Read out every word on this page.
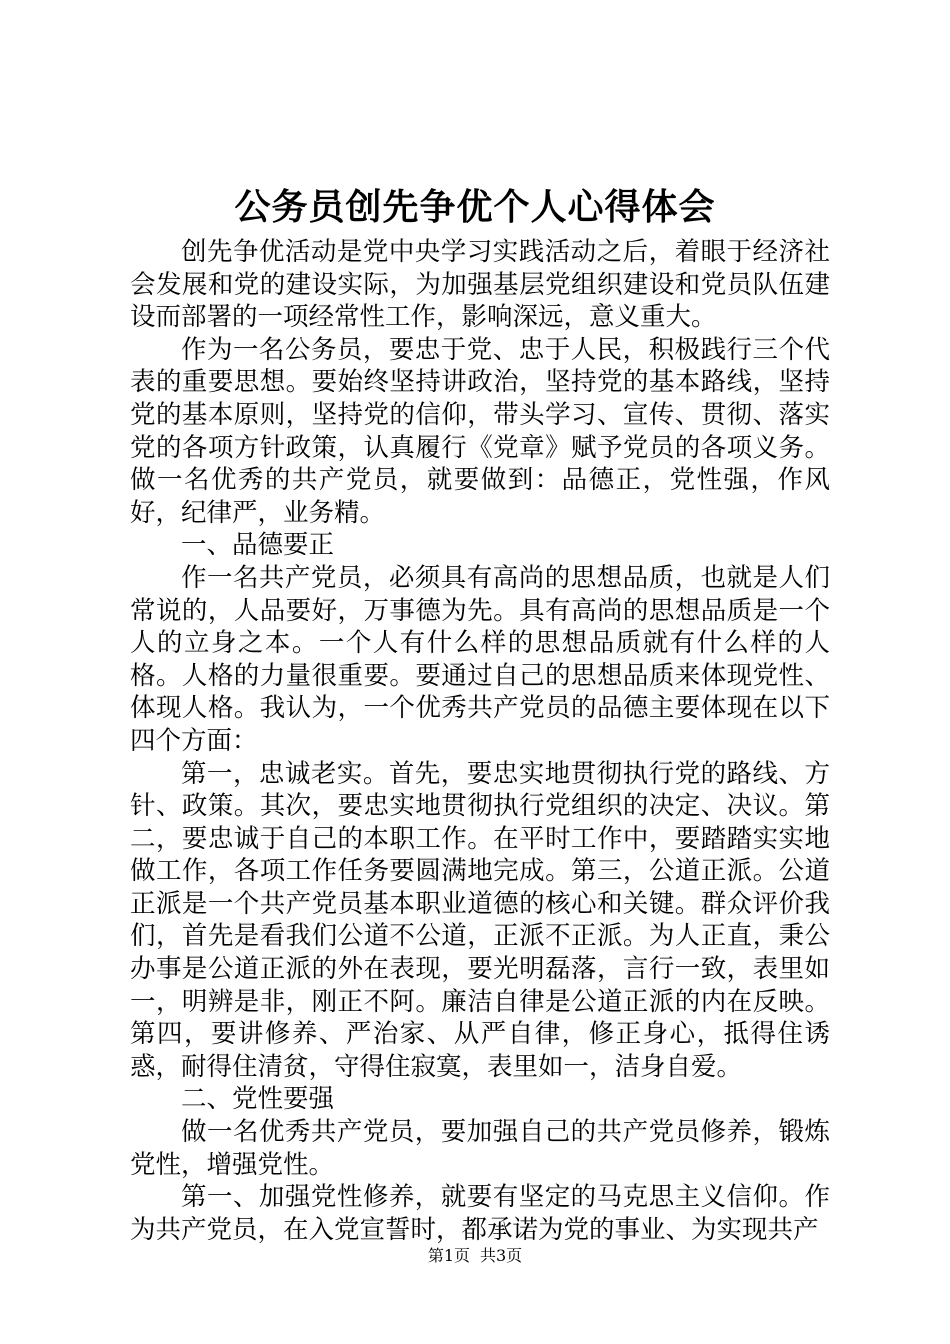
公务员创先争优个人心得体会

创先争优活动是党中央学习实践活动之后，着眼于经济社会发展和党的建设实际，为加强基层党组织建设和党员队伍建设而部署的一项经常性工作，影响深远，意义重大。

作为一名公务员，要忠于党、忠于人民，积极践行三个代表的重要思想。要始终坚持讲政治，坚持党的基本路线，坚持党的基本原则，坚持党的信仰，带头学习、宣传、贯彻、落实党的各项方针政策，认真履行《党章》赋予党员的各项义务。做一名优秀的共产党员，就要做到：品德正，党性强，作风好，纪律严，业务精。

一、品德要正

作一名共产党员，必须具有高尚的思想品质，也就是人们常说的，人品要好，万事德为先。具有高尚的思想品质是一个人的立身之本。一个人有什么样的思想品质就有什么样的人格。人格的力量很重要。要通过自己的思想品质来体现党性、体现人格。我认为，一个优秀共产党员的品德主要体现在以下四个方面：

第一，忠诚老实。首先，要忠实地贯彻执行党的路线、方针、政策。其次，要忠实地贯彻执行党组织的决定、决议。第二，要忠诚于自己的本职工作。在平时工作中，要踏踏实实地做工作，各项工作任务要圆满地完成。第三，公道正派。公道正派是一个共产党员基本职业道德的核心和关键。群众评价我们，首先是看我们公道不公道，正派不正派。为人正直，秉公办事是公道正派的外在表现，要光明磊落，言行一致，表里如一，明辨是非，刚正不阿。廉洁自律是公道正派的内在反映。第四，要讲修养、严治家、从严自律，修正身心，抵得住诱惑，耐得住清贫，守得住寂寞，表里如一，洁身自爱。

二、党性要强

做一名优秀共产党员，要加强自己的共产党员修养，锻炼党性，增强党性。

第一、加强党性修养，就要有坚定的马克思主义信仰。作为共产党员，在入党宣誓时，都承诺为党的事业、为实现共产

第1页 共3页
